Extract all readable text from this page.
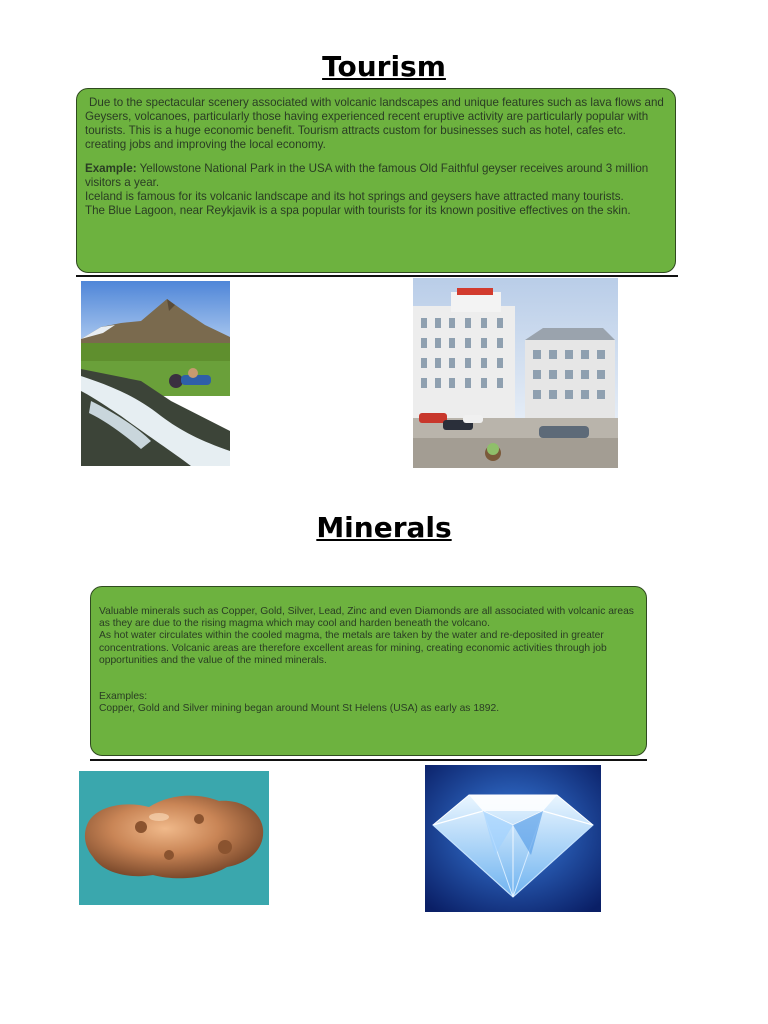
Tourism

Due to the spectacular scenery associated with volcanic landscapes and unique features such as lava flows and Geysers, volcanoes, particularly those having experienced recent eruptive activity are particularly popular with tourists. This is a huge economic benefit. Tourism attracts custom for businesses such as hotel, cafes etc. creating jobs and improving the local economy.

Example: Yellowstone National Park in the USA with the famous Old Faithful geyser receives around 3 million visitors a year.

Iceland is famous for its volcanic landscape and its hot springs and geysers have attracted many tourists.

The Blue Lagoon, near Reykjavik is a spa popular with tourists for its known positive effectives on the skin.

Minerals

Valuable minerals such as Copper, Gold, Silver, Lead, Zinc and even Diamonds are all associated with volcanic areas as they are due to the rising magma which may cool and harden beneath the volcano.

As hot water circulates within the cooled magma, the metals are taken by the water and re-deposited in greater concentrations. Volcanic areas are therefore excellent areas for mining, creating economic activities through job opportunities and the value of the mined minerals.

Examples:

Copper, Gold and Silver mining began around Mount St Helens (USA) as early as 1892.
